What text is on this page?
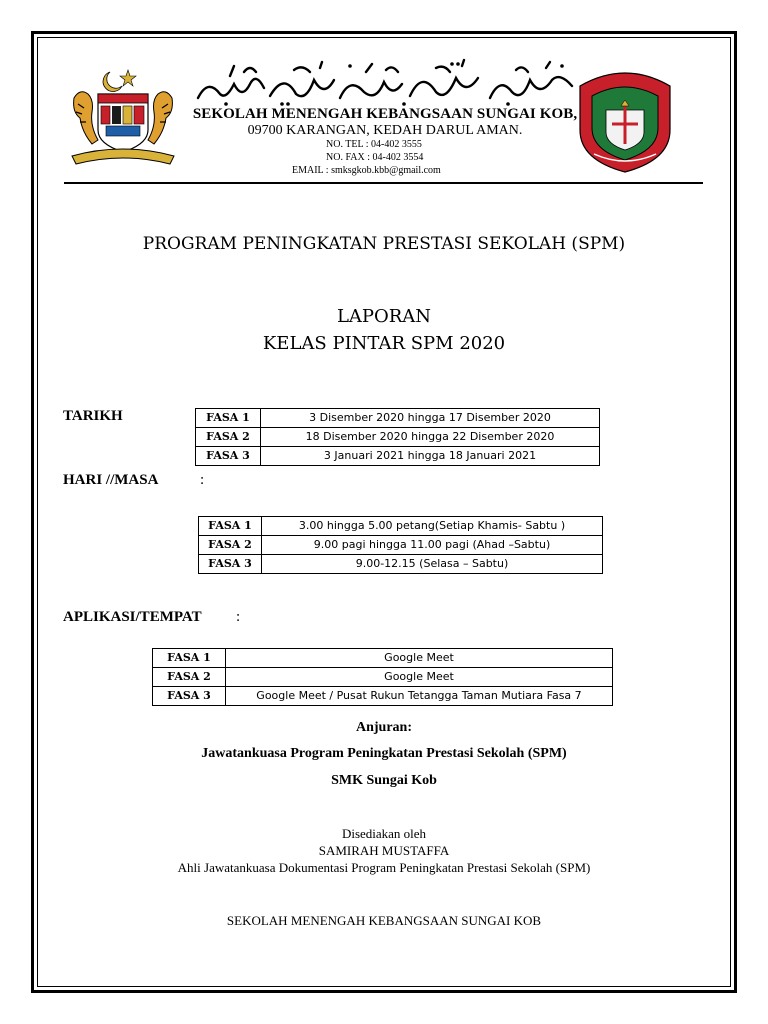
SEKOLAH MENENGAH KEBANGSAAN SUNGAI KOB,
09700 KARANGAN, KEDAH DARUL AMAN.
NO. TEL : 04-402 3555
NO. FAX : 04-402 3554
EMAIL : smksgkob.kbb@gmail.com
PROGRAM PENINGKATAN PRESTASI SEKOLAH (SPM)
LAPORAN
KELAS PINTAR SPM 2020
TARIKH	FASA 1	3 Disember 2020 hingga 17 Disember 2020
FASA 2	18 Disember 2020 hingga 22 Disember 2020
FASA 3	3 Januari 2021 hingga 18 Januari 2021
HARI //MASA	:
FASA 1	3.00 hingga 5.00 petang(Setiap Khamis- Sabtu )
FASA 2	9.00 pagi hingga 11.00 pagi (Ahad –Sabtu)
FASA 3	9.00-12.15 (Selasa – Sabtu)
APLIKASI/TEMPAT :
FASA 1	Google Meet
FASA 2	Google Meet
FASA 3	Google Meet / Pusat Rukun Tetangga Taman Mutiara Fasa 7
Anjuran:
Jawatankuasa Program Peningkatan Prestasi Sekolah (SPM)
SMK Sungai Kob
Disediakan oleh
SAMIRAH MUSTAFFA
Ahli Jawatankuasa Dokumentasi Program Peningkatan Prestasi Sekolah (SPM)
SEKOLAH MENENGAH KEBANGSAAN SUNGAI KOB
